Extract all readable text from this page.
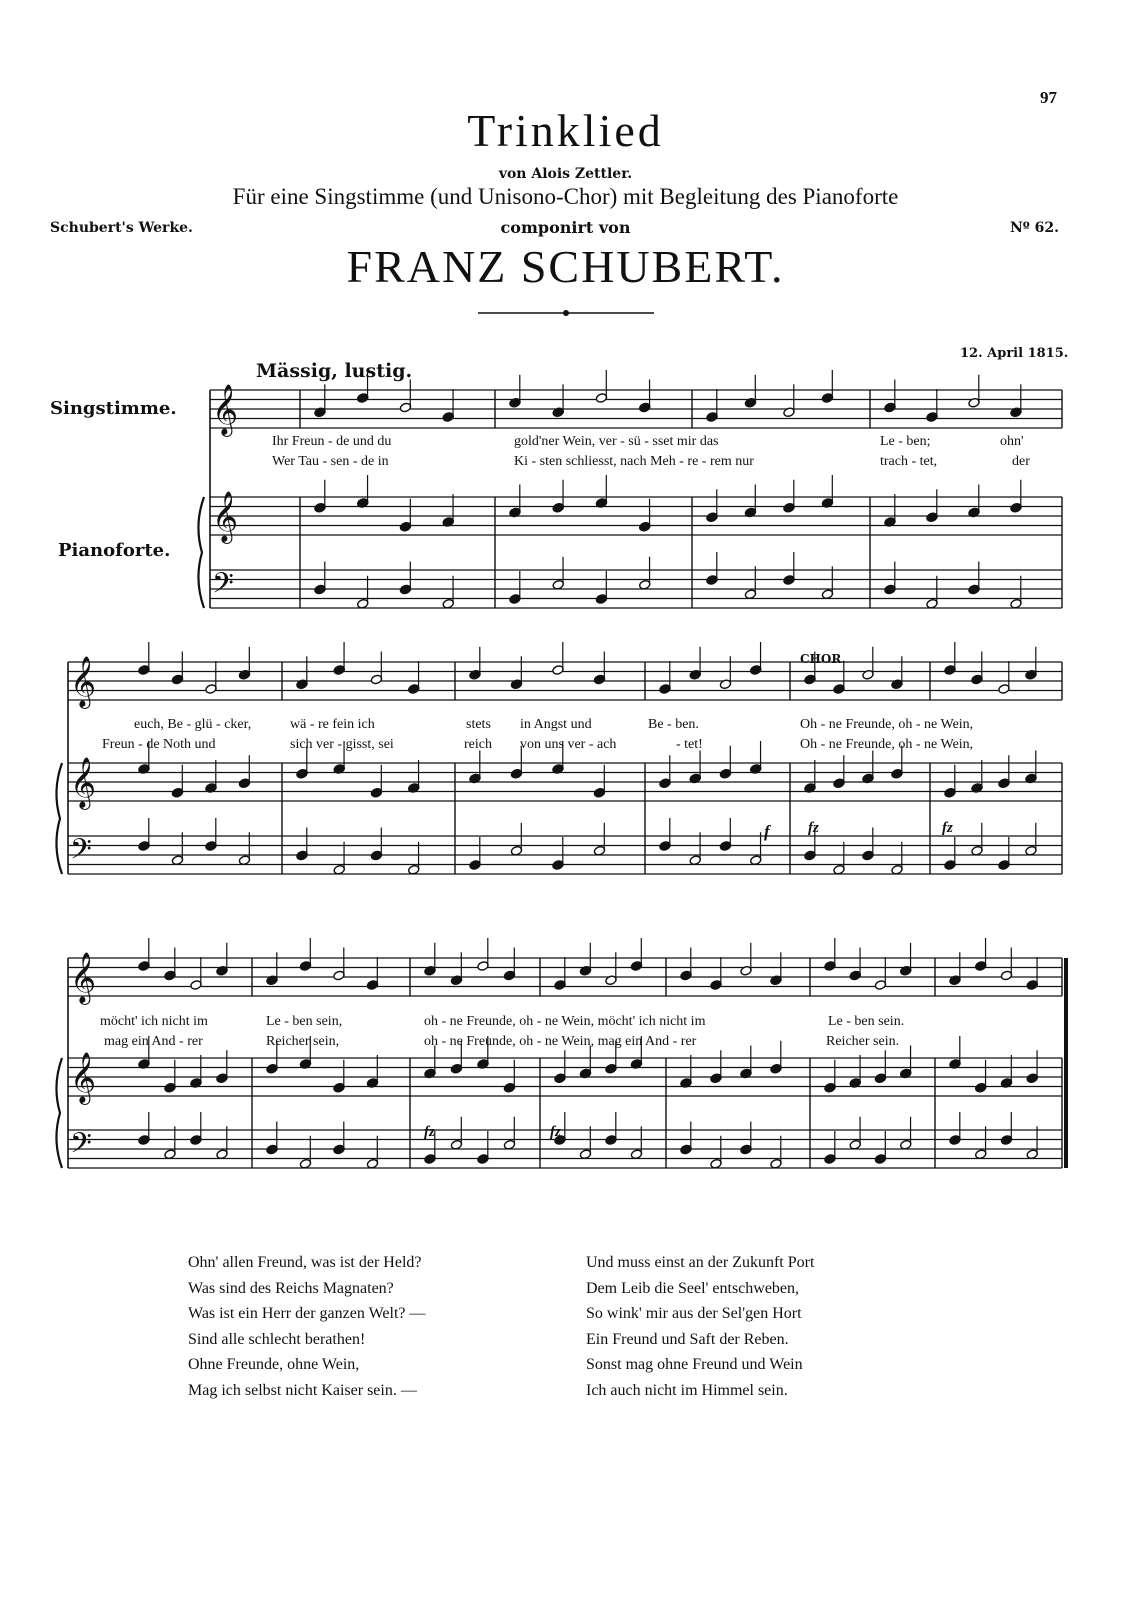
97
Trinklied
von Alois Zettler.
Für eine Singstimme (und Unisono-Chor) mit Begleitung des Pianoforte
Schubert's Werke.	componirt von	Nº 62.
FRANZ SCHUBERT.
12. April 1815.
Mässig, lustig.
Singstimme.
Pianoforte.
CHOR.
𝄞
𝄞
𝄢
𝄞
𝄞
𝄢
𝄞
𝄞
𝄢
Ihr Freun - de und du	gold'ner Wein, ver - sü - sset mir das	Le - ben;	ohn'
Wer Tau - sen - de in	Ki - sten schliesst, nach Meh - re - rem nur	trach - tet,	der
euch, Be - glü - cker,	wä - re fein ich	stets in Angst und	Be - ben.	Oh - ne Freunde, oh - ne Wein,
Freun - de Noth und	sich ver - gisst, sei	reich von uns ver - ach	- tet!	Oh - ne Freunde, oh - ne Wein,
möcht' ich nicht im	Le - ben sein,	oh - ne Freunde, oh - ne Wein, möcht' ich nicht im	Le - ben sein.
mag ein And - rer	Reicher sein,	oh - ne Freunde, oh - ne Wein, mag ein And - rer	Reicher sein.
f	fz	fz
fz	fz
Ohn' allen Freund, was ist der Held?
Was sind des Reichs Magnaten?
Was ist ein Herr der ganzen Welt? —
Sind alle schlecht berathen!
Ohne Freunde, ohne Wein,
Mag ich selbst nicht Kaiser sein. —
Und muss einst an der Zukunft Port
Dem Leib die Seel' entschweben,
So wink' mir aus der Sel'gen Hort
Ein Freund und Saft der Reben.
Sonst mag ohne Freund und Wein
Ich auch nicht im Himmel sein.
